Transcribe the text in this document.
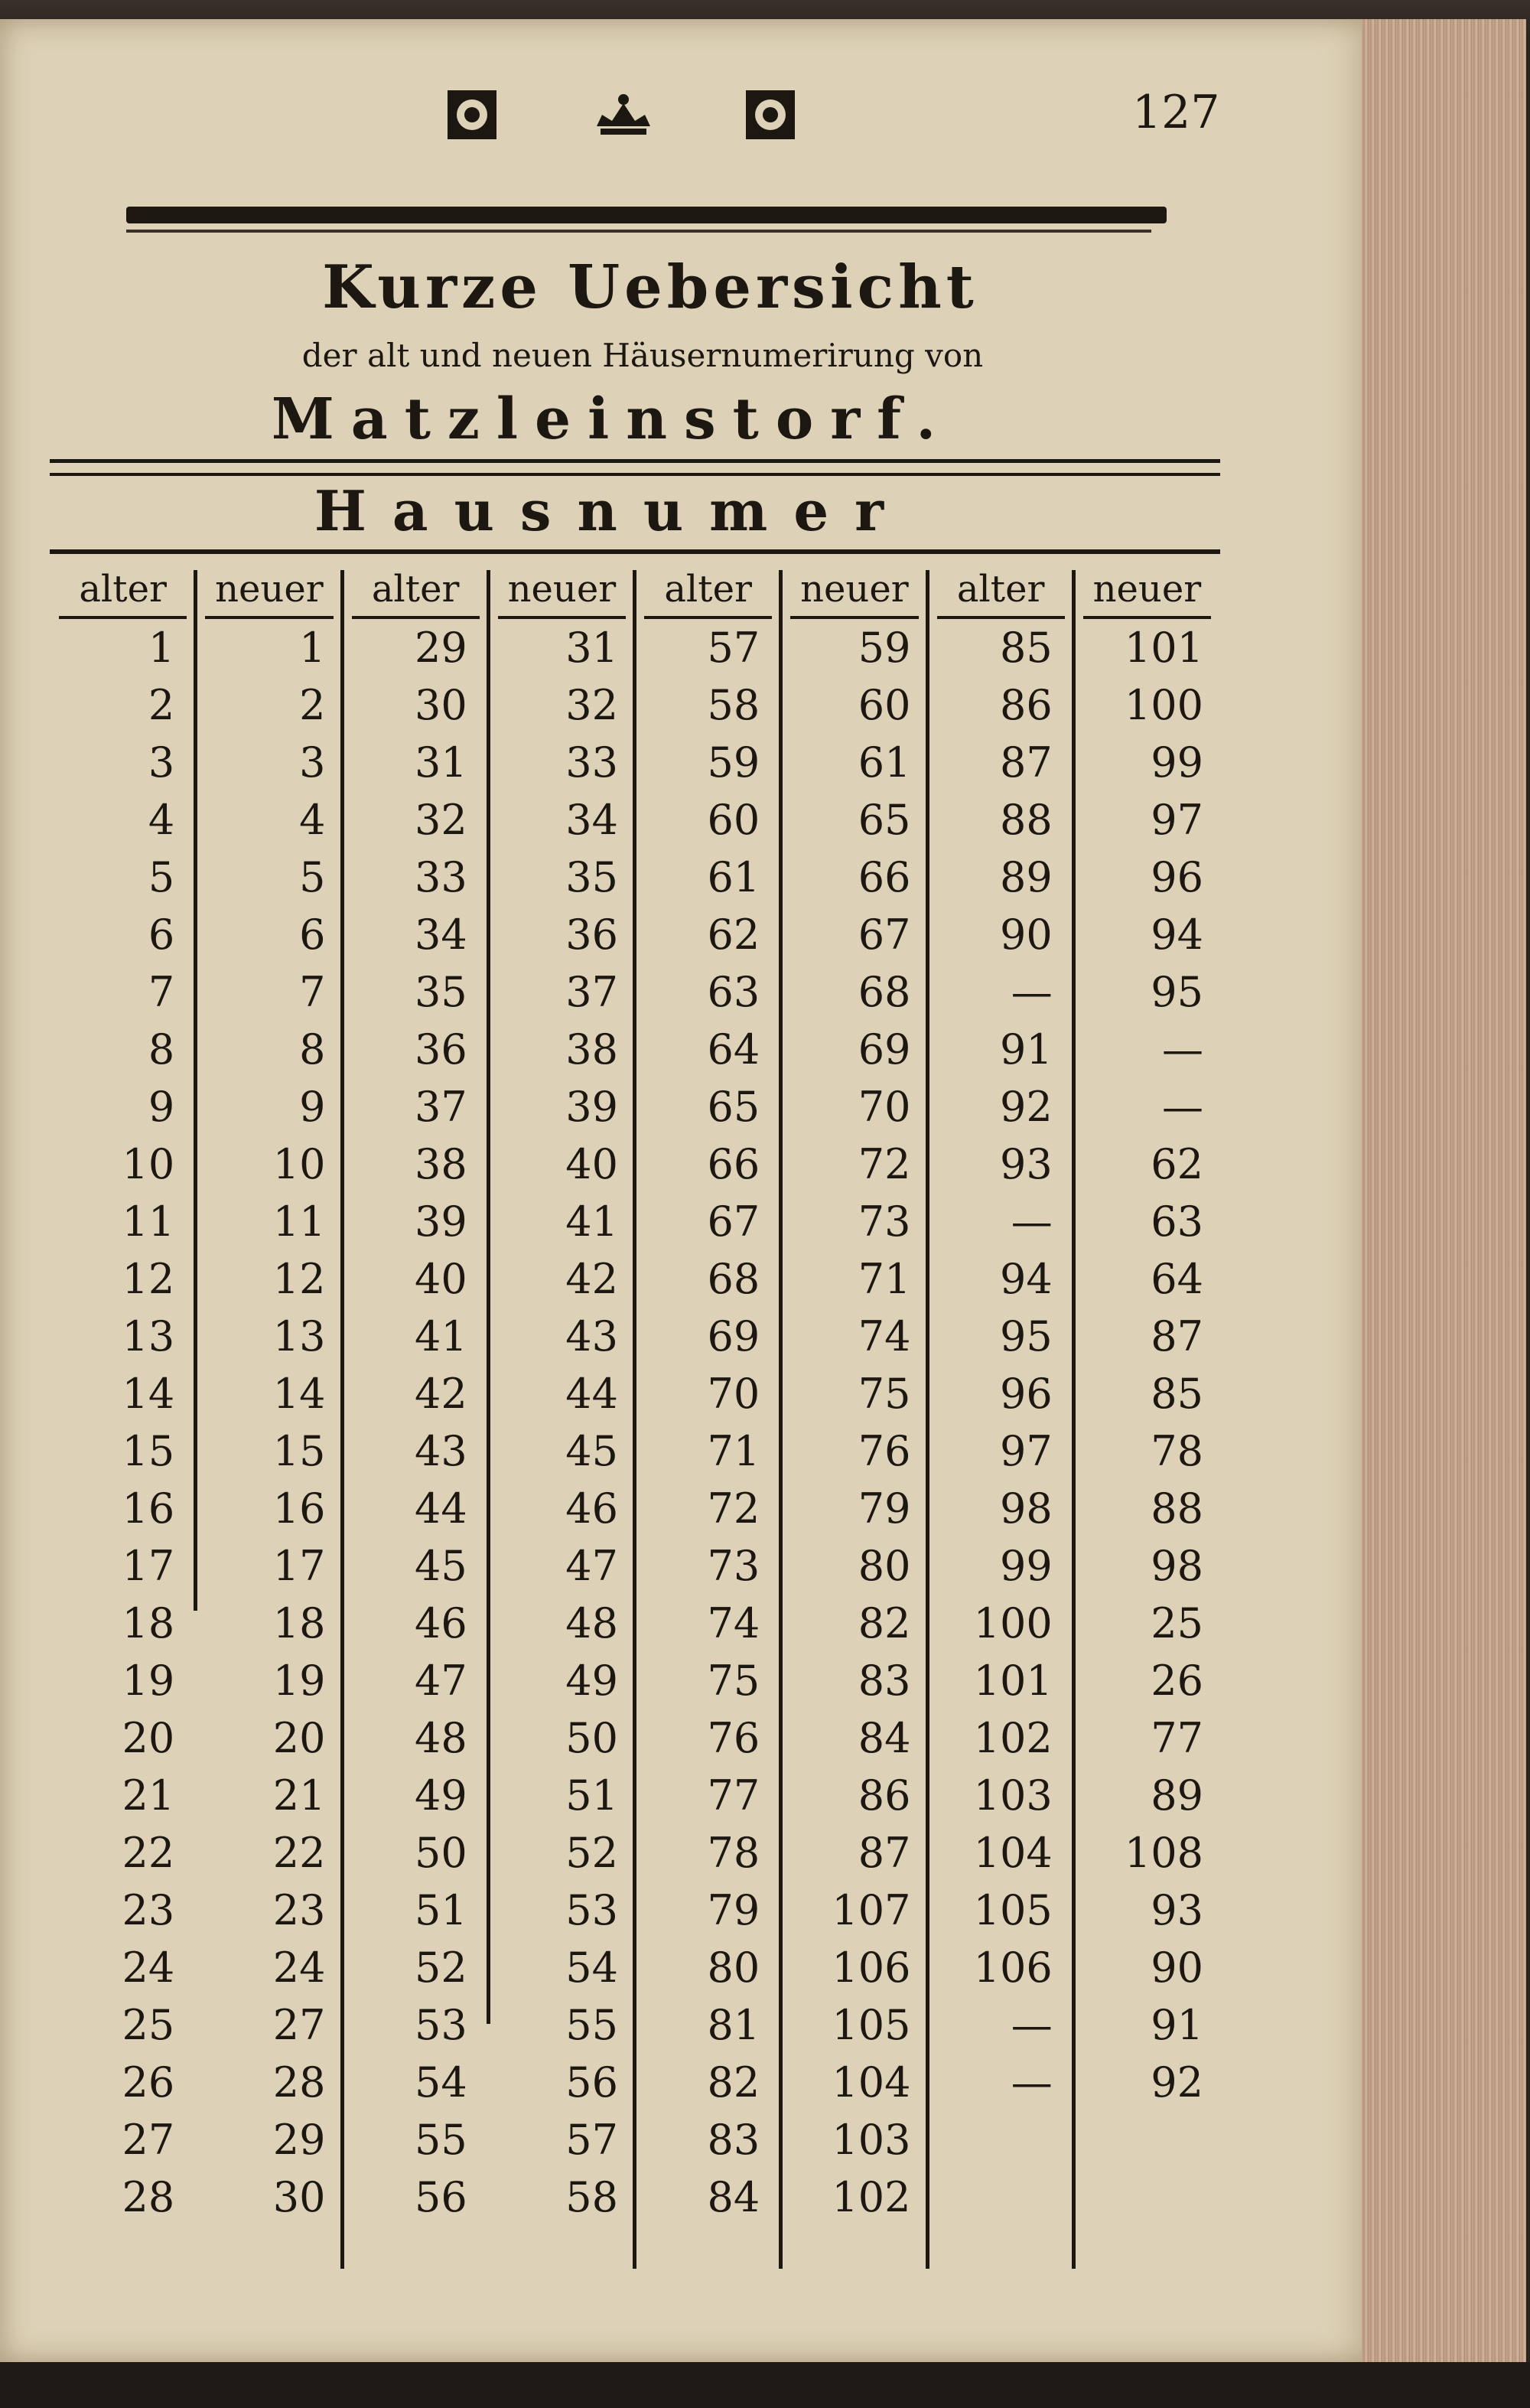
127
Kurze Uebersicht
der alt und neuen Häusernumerirung von
Matzleinstorf.
Hausnumer
alter
1
2
3
4
5
6
7
8
9
10
11
12
13
14
15
16
17
18
19
20
21
22
23
24
25
26
27
28
neuer
1
2
3
4
5
6
7
8
9
10
11
12
13
14
15
16
17
18
19
20
21
22
23
24
27
28
29
30
alter
29
30
31
32
33
34
35
36
37
38
39
40
41
42
43
44
45
46
47
48
49
50
51
52
53
54
55
56
neuer
31
32
33
34
35
36
37
38
39
40
41
42
43
44
45
46
47
48
49
50
51
52
53
54
55
56
57
58
alter
57
58
59
60
61
62
63
64
65
66
67
68
69
70
71
72
73
74
75
76
77
78
79
80
81
82
83
84
neuer
59
60
61
65
66
67
68
69
70
72
73
71
74
75
76
79
80
82
83
84
86
87
107
106
105
104
103
102
alter
85
86
87
88
89
90
—
91
92
93
—
94
95
96
97
98
99
100
101
102
103
104
105
106
—
—
neuer
101
100
99
97
96
94
95
—
—
62
63
64
87
85
78
88
98
25
26
77
89
108
93
90
91
92
